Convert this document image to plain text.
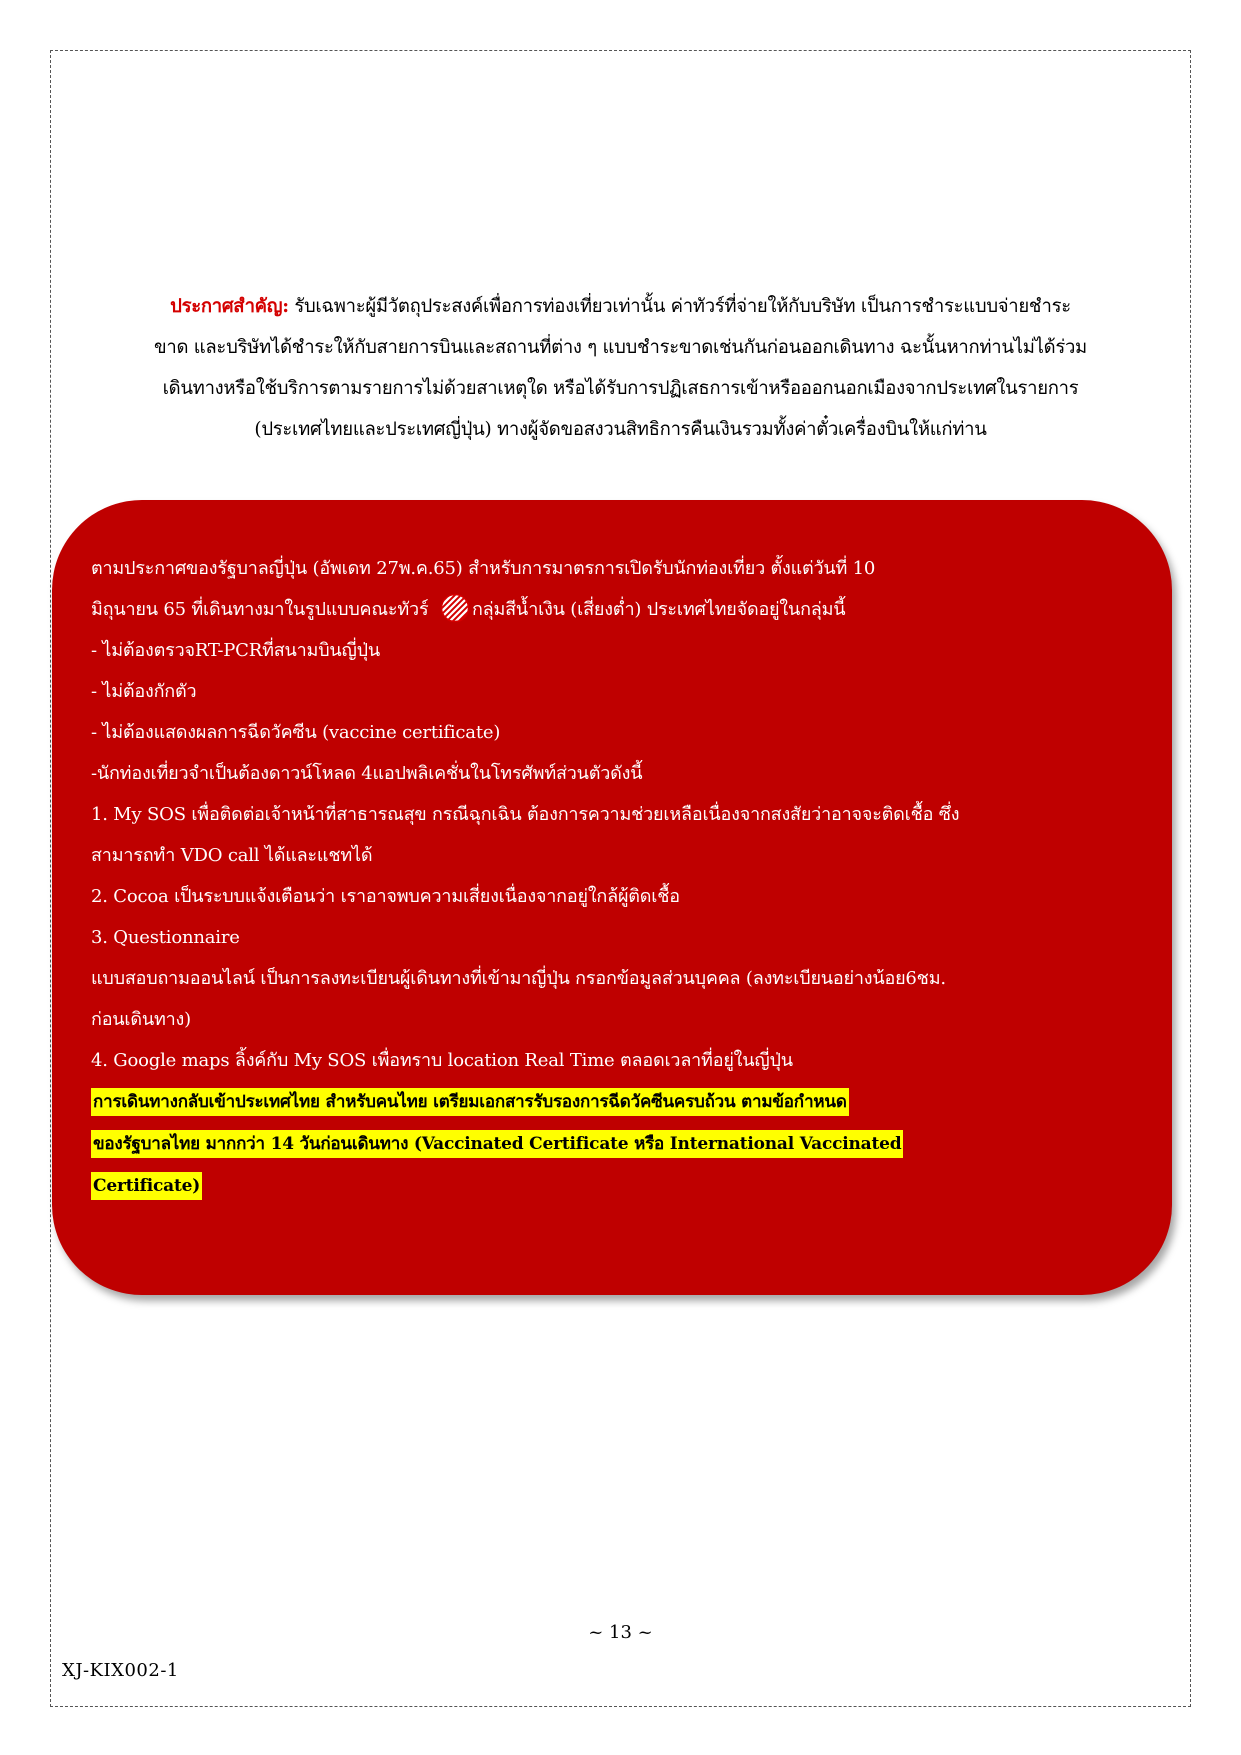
ประกาศสำคัญ: รับเฉพาะผู้มีวัตถุประสงค์เพื่อการท่องเที่ยวเท่านั้น ค่าทัวร์ที่จ่ายให้กับบริษัท เป็นการชำระแบบจ่ายชำระ
ขาด และบริษัทได้ชำระให้กับสายการบินและสถานที่ต่าง ๆ แบบชำระขาดเช่นกันก่อนออกเดินทาง ฉะนั้นหากท่านไม่ได้ร่วม
เดินทางหรือใช้บริการตามรายการไม่ด้วยสาเหตุใด หรือได้รับการปฏิเสธการเข้าหรือออกนอกเมืองจากประเทศในรายการ
(ประเทศไทยและประเทศญี่ปุ่น) ทางผู้จัดขอสงวนสิทธิการคืนเงินรวมทั้งค่าตั๋วเครื่องบินให้แก่ท่าน
ตามประกาศของรัฐบาลญี่ปุ่น (อัพเดท 27พ.ค.65) สำหรับการมาตรการเปิดรับนักท่องเที่ยว ตั้งแต่วันที่ 10
มิถุนายน 65 ที่เดินทางมาในรูปแบบคณะทัวร์ กลุ่มสีน้ำเงิน (เสี่ยงต่ำ) ประเทศไทยจัดอยู่ในกลุ่มนี้
- ไม่ต้องตรวจRT-PCRที่สนามบินญี่ปุ่น
- ไม่ต้องกักตัว
- ไม่ต้องแสดงผลการฉีดวัคซีน (vaccine certificate)
-นักท่องเที่ยวจำเป็นต้องดาวน์โหลด 4แอปพลิเคชั่นในโทรศัพท์ส่วนตัวดังนี้
1. My SOS เพื่อติดต่อเจ้าหน้าที่สาธารณสุข กรณีฉุกเฉิน ต้องการความช่วยเหลือเนื่องจากสงสัยว่าอาจจะติดเชื้อ ซึ่ง
สามารถทำ VDO call ได้และแชทได้
2. Cocoa เป็นระบบแจ้งเตือนว่า เราอาจพบความเสี่ยงเนื่องจากอยู่ใกล้ผู้ติดเชื้อ
3. Questionnaire
แบบสอบถามออนไลน์ เป็นการลงทะเบียนผู้เดินทางที่เข้ามาญี่ปุ่น กรอกข้อมูลส่วนบุคคล (ลงทะเบียนอย่างน้อย6ชม.
ก่อนเดินทาง)
4. Google maps ลิ้งค์กับ My SOS เพื่อทราบ location Real Time ตลอดเวลาที่อยู่ในญี่ปุ่น
การเดินทางกลับเข้าประเทศไทย สำหรับคนไทย เตรียมเอกสารรับรองการฉีดวัคซีนครบถ้วน ตามข้อกำหนด
ของรัฐบาลไทย มากกว่า 14 วันก่อนเดินทาง (Vaccinated Certificate หรือ International Vaccinated
Certificate)
~ 13 ~
XJ-KIX002-1
